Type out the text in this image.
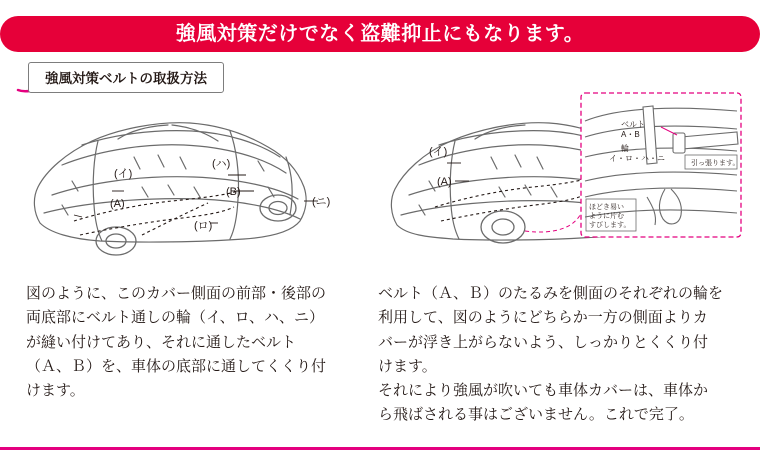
強風対策だけでなく盗難抑止にもなります。
強風対策ベルトの取扱方法
(ハ)
(B)
(イ)
(ニ)
(A)
(ロ)
(イ)
(A)
ベルト
A・B
輪
イ・ロ・ハ・ニ
引っ張ります。
ほどき易い
ように片む
すびします。

図のように、このカバー側面の前部・後部の

両底部にベルト通しの輪（イ、ロ、ハ、ニ）

が縫い付けてあり、それに通したベルト

（Ａ、Ｂ）を、車体の底部に通してくくり付

けます。

ベルト（Ａ、Ｂ）のたるみを側面のそれぞれの輪を

利用して、図のようにどちらか一方の側面よりカ

バーが浮き上がらないよう、しっかりとくくり付

けます。

それにより強風が吹いても車体カバーは、車体か

ら飛ばされる事はございません。これで完了。
